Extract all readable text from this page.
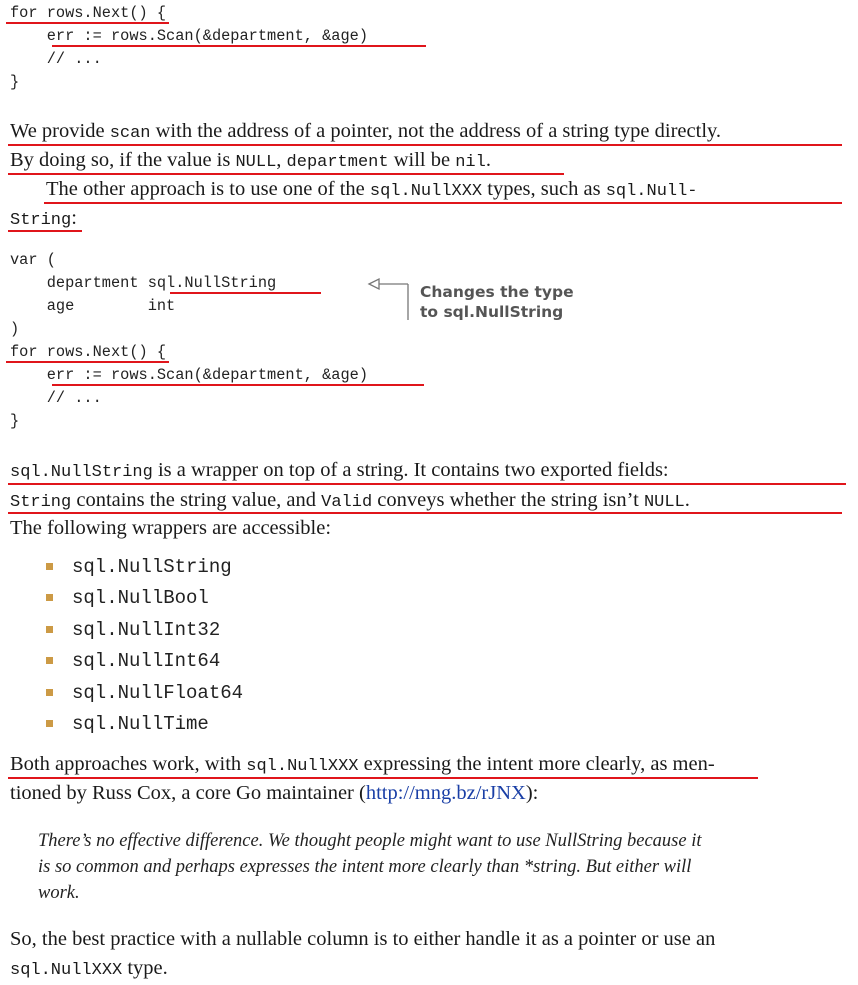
for rows.Next() {
err := rows.Scan(&department, &age)
// ...
}
We provide scan with the address of a pointer, not the address of a string type directly.
By doing so, if the value is NULL, department will be nil.
The other approach is to use one of the sql.NullXXX types, such as sql.Null-
String:
var (
department sql.NullString
age        int
)
for rows.Next() {
err := rows.Scan(&department, &age)
// ...
}
Changes the type
to sql.NullString
sql.NullString is a wrapper on top of a string. It contains two exported fields:
String contains the string value, and Valid conveys whether the string isn’t NULL.
The following wrappers are accessible:
sql.NullString
sql.NullBool
sql.NullInt32
sql.NullInt64
sql.NullFloat64
sql.NullTime
Both approaches work, with sql.NullXXX expressing the intent more clearly, as men-
tioned by Russ Cox, a core Go maintainer (http://mng.bz/rJNX):
There’s no effective difference. We thought people might want to use NullString because it
is so common and perhaps expresses the intent more clearly than *string. But either will
work.
So, the best practice with a nullable column is to either handle it as a pointer or use an
sql.NullXXX type.
